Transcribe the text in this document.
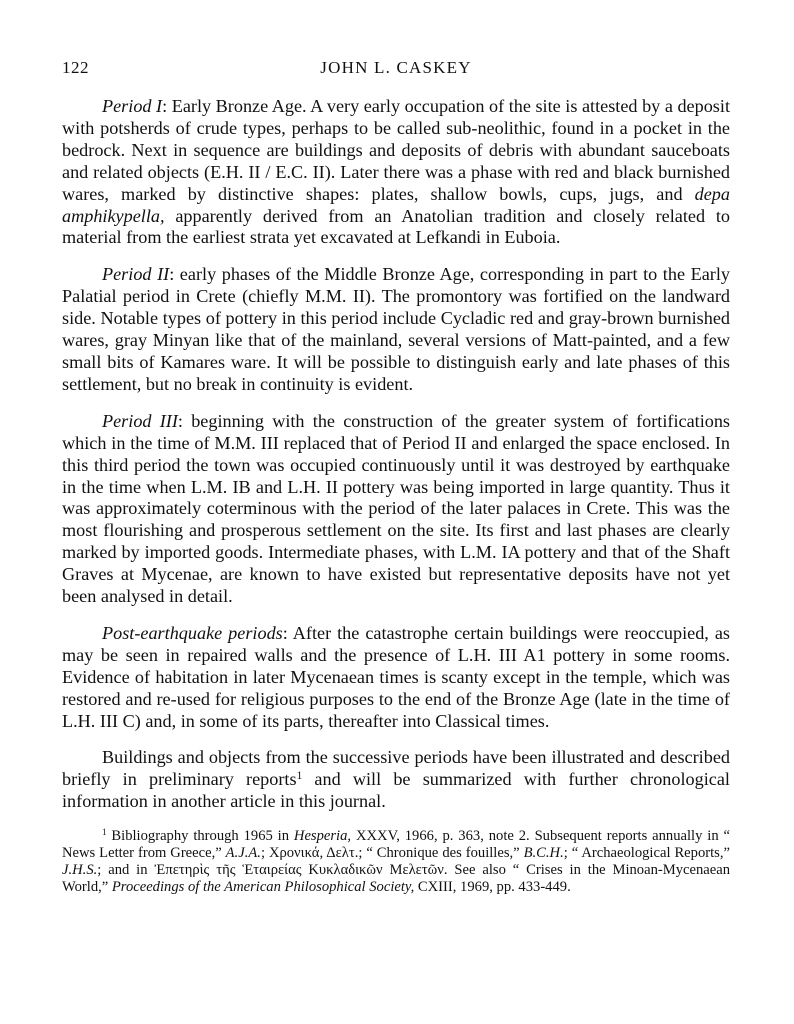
122	JOHN L. CASKEY

Period I: Early Bronze Age. A very early occupation of the site is attested by a deposit with potsherds of crude types, perhaps to be called sub-neolithic, found in a pocket in the bedrock. Next in sequence are buildings and deposits of debris with abundant sauceboats and related objects (E.H. II / E.C. II). Later there was a phase with red and black burnished wares, marked by distinctive shapes: plates, shallow bowls, cups, jugs, and depa amphikypella, apparently derived from an Anatolian tradition and closely related to material from the earliest strata yet excavated at Lefkandi in Euboia.

Period II: early phases of the Middle Bronze Age, corresponding in part to the Early Palatial period in Crete (chiefly M.M. II). The promontory was fortified on the landward side. Notable types of pottery in this period include Cycladic red and gray-brown burnished wares, gray Minyan like that of the mainland, several versions of Matt-painted, and a few small bits of Kamares ware. It will be possible to distinguish early and late phases of this settlement, but no break in continuity is evident.

Period III: beginning with the construction of the greater system of fortifications which in the time of M.M. III replaced that of Period II and enlarged the space enclosed. In this third period the town was occupied continuously until it was destroyed by earthquake in the time when L.M. IB and L.H. II pottery was being imported in large quantity. Thus it was approximately coterminous with the period of the later palaces in Crete. This was the most flourishing and prosperous settlement on the site. Its first and last phases are clearly marked by imported goods. Intermediate phases, with L.M. IA pottery and that of the Shaft Graves at Mycenae, are known to have existed but representative deposits have not yet been analysed in detail.

Post-earthquake periods: After the catastrophe certain buildings were reoccupied, as may be seen in repaired walls and the presence of L.H. III A1 pottery in some rooms. Evidence of habitation in later Mycenaean times is scanty except in the temple, which was restored and re-used for religious purposes to the end of the Bronze Age (late in the time of L.H. III C) and, in some of its parts, thereafter into Classical times.

Buildings and objects from the successive periods have been illustrated and described briefly in preliminary reports$^1$ and will be summarized with further chronological information in another article in this journal.

$^1$ Bibliography through 1965 in Hesperia, XXXV, 1966, p. 363, note 2. Subsequent reports annually in “ News Letter from Greece,” A.J.A.; Χρονικά, Δελτ.; “ Chronique des fouilles,” B.C.H.; “ Archaeological Reports,” J.H.S.; and in Ἐπετηρὶς τῆς Ἑταιρείας Κυκλαδικῶν Μελετῶν. See also “ Crises in the Minoan-Mycenaean World,” Proceedings of the American Philosophical Society, CXIII, 1969, pp. 433-449.
